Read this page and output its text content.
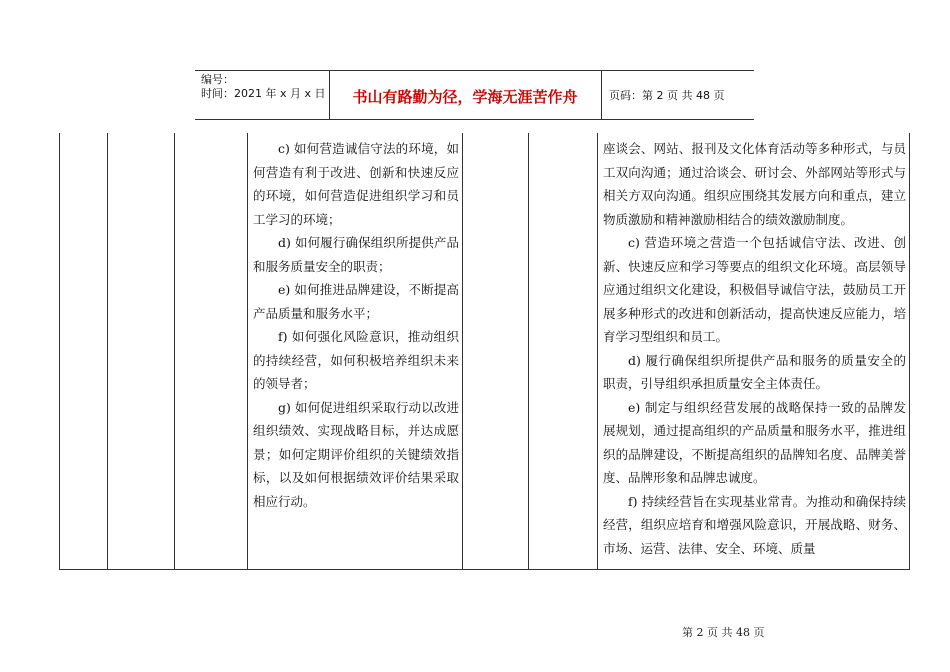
编号：
时间：2021 年 x 月 x 日	书山有路勤为径，学海无涯苦作舟	页码：第 2 页 共 48 页

c) 如何营造诚信守法的环境，如何营造有利于改进、创新和快速反应的环境，如何营造促进组织学习和员工学习的环境；

d) 如何履行确保组织所提供产品和服务质量安全的职责；

e) 如何推进品牌建设，不断提高产品质量和服务水平；

f) 如何强化风险意识，推动组织的持续经营，如何积极培养组织未来的领导者；

g) 如何促进组织采取行动以改进组织绩效、实现战略目标，并达成愿景；如何定期评价组织的关键绩效指标，以及如何根据绩效评价结果采取相应行动。

座谈会、网站、报刊及文化体育活动等多种形式，与员工双向沟通；通过洽谈会、研讨会、外部网站等形式与相关方双向沟通。组织应围绕其发展方向和重点，建立物质激励和精神激励相结合的绩效激励制度。

c) 营造环境之营造一个包括诚信守法、改进、创新、快速反应和学习等要点的组织文化环境。高层领导应通过组织文化建设，积极倡导诚信守法，鼓励员工开展多种形式的改进和创新活动，提高快速反应能力，培育学习型组织和员工。

d) 履行确保组织所提供产品和服务的质量安全的职责，引导组织承担质量安全主体责任。

e) 制定与组织经营发展的战略保持一致的品牌发展规划，通过提高组织的产品质量和服务水平，推进组织的品牌建设，不断提高组织的品牌知名度、品牌美誉度、品牌形象和品牌忠诚度。

f) 持续经营旨在实现基业常青。为推动和确保持续经营，组织应培育和增强风险意识，开展战略、财务、市场、运营、法律、安全、环境、质量

第 2 页 共 48 页
